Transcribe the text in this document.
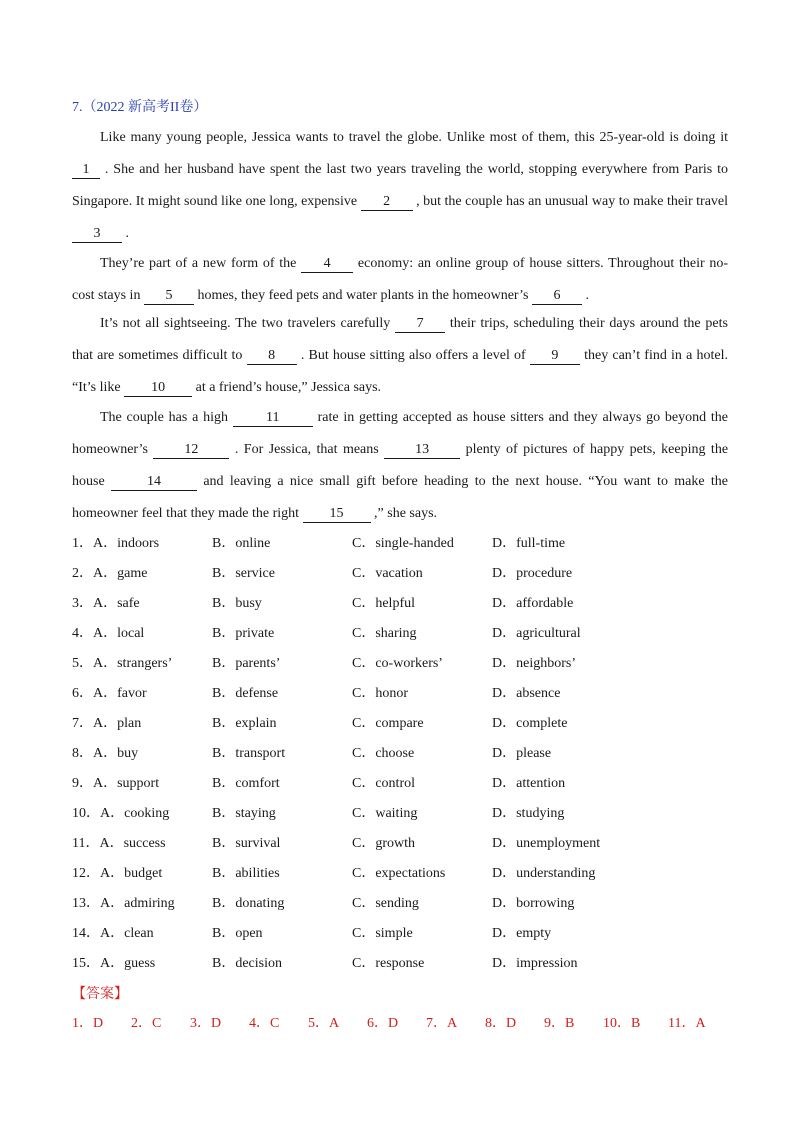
7.（2022 新高考II卷）
Like many young people, Jessica wants to travel the globe. Unlike most of them, this 25-year-old is doing it 1 . She and her husband have spent the last two years traveling the world, stopping everywhere from Paris to Singapore. It might sound like one long, expensive 2 , but the couple has an unusual way to make their travel 3 .
They’re part of a new form of the 4 economy: an online group of house sitters. Throughout their no-cost stays in 5 homes, they feed pets and water plants in the homeowner’s 6 .
It’s not all sightseeing. The two travelers carefully 7 their trips, scheduling their days around the pets that are sometimes difficult to 8 . But house sitting also offers a level of 9 they can’t find in a hotel. “It’s like 10 at a friend’s house,” Jessica says.
The couple has a high	11	rate in getting accepted as house sitters and they always go beyond the homeowner’s	12	. For Jessica, that means	13	plenty of pictures of happy pets, keeping the house	14	and leaving a nice small gift before heading to the next house. “You want to make the homeowner feel that they made the right 15 ,” she says.
1．A．indoors	B．online	C．single-handed	D．full-time
2．A．game	B．service	C．vacation	D．procedure
3．A．safe	B．busy	C．helpful	D．affordable
4．A．local	B．private	C．sharing	D．agricultural
5．A．strangers’	B．parents’	C．co-workers’	D．neighbors’
6．A．favor	B．defense	C．honor	D．absence
7．A．plan	B．explain	C．compare	D．complete
8．A．buy	B．transport	C．choose	D．please
9．A．support	B．comfort	C．control	D．attention
10．A．cooking	B．staying	C．waiting	D．studying
11．A．success	B．survival	C．growth	D．unemployment
12．A．budget	B．abilities	C．expectations	D．understanding
13．A．admiring	B．donating	C．sending	D．borrowing
14．A．clean	B．open	C．simple	D．empty
15．A．guess	B．decision	C．response	D．impression
【答案】
1．D 2．C 3．D 4．C 5．A 6．D 7．A 8．D 9．B 10．B 11．A
